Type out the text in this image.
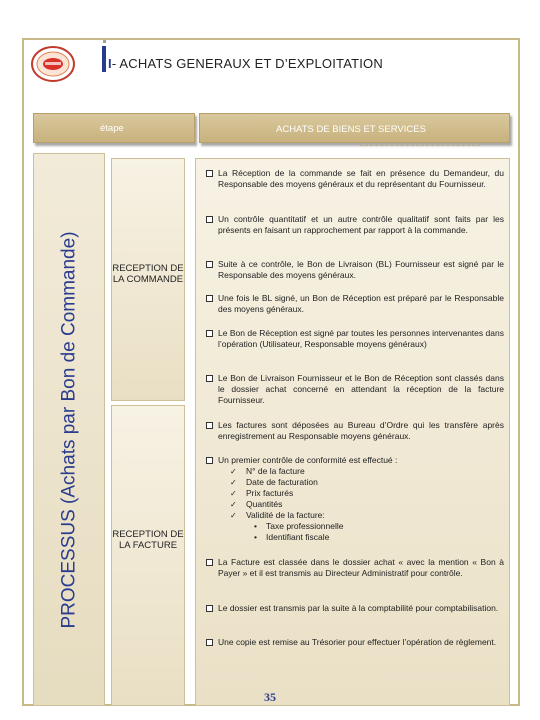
I- ACHATS GENERAUX ET D’EXPLOITATION
étape	ACHATS DE BIENS ET SERVICES
PROCESSUS (Achats par Bon de Commande)	RECEPTION DE LA COMMANDE
RECEPTION DE LA FACTURE
La Réception de la commande se fait en présence du Demandeur, du Responsable des moyens généraux et du représentant du Fournisseur.
Un contrôle quantitatif et un autre contrôle qualitatif sont faits par les présents en faisant un rapprochement par rapport à la commande.
Suite à ce contrôle, le Bon de Livraison (BL) Fournisseur est signé par le Responsable des moyens généraux.
Une fois le BL signé, un Bon de Réception est préparé par le Responsable des moyens généraux.
Le Bon de Réception est signé par toutes les personnes intervenantes dans l’opération (Utilisateur, Responsable moyens généraux)
Le Bon de Livraison Fournisseur et le Bon de Réception sont classés dans le dossier achat concerné en attendant la réception de la facture Fournisseur.
Les factures sont déposées au Bureau d’Ordre qui les transfère après enregistrement au Responsable moyens généraux.
Un premier contrôle de conformité est effectué :
✓ N° de la facture
✓ Date de facturation
✓ Prix facturés
✓ Quantités
✓ Validité de la facture:
• Taxe professionnelle
• Identifiant fiscale
La Facture est classée dans le dossier achat « avec la mention « Bon à Payer » et il est transmis au Directeur Administratif pour contrôle.
Le dossier est transmis par la suite à la comptabilité pour comptabilisation.
Une copie est remise au Trésorier pour effectuer l’opération de règlement.
35
